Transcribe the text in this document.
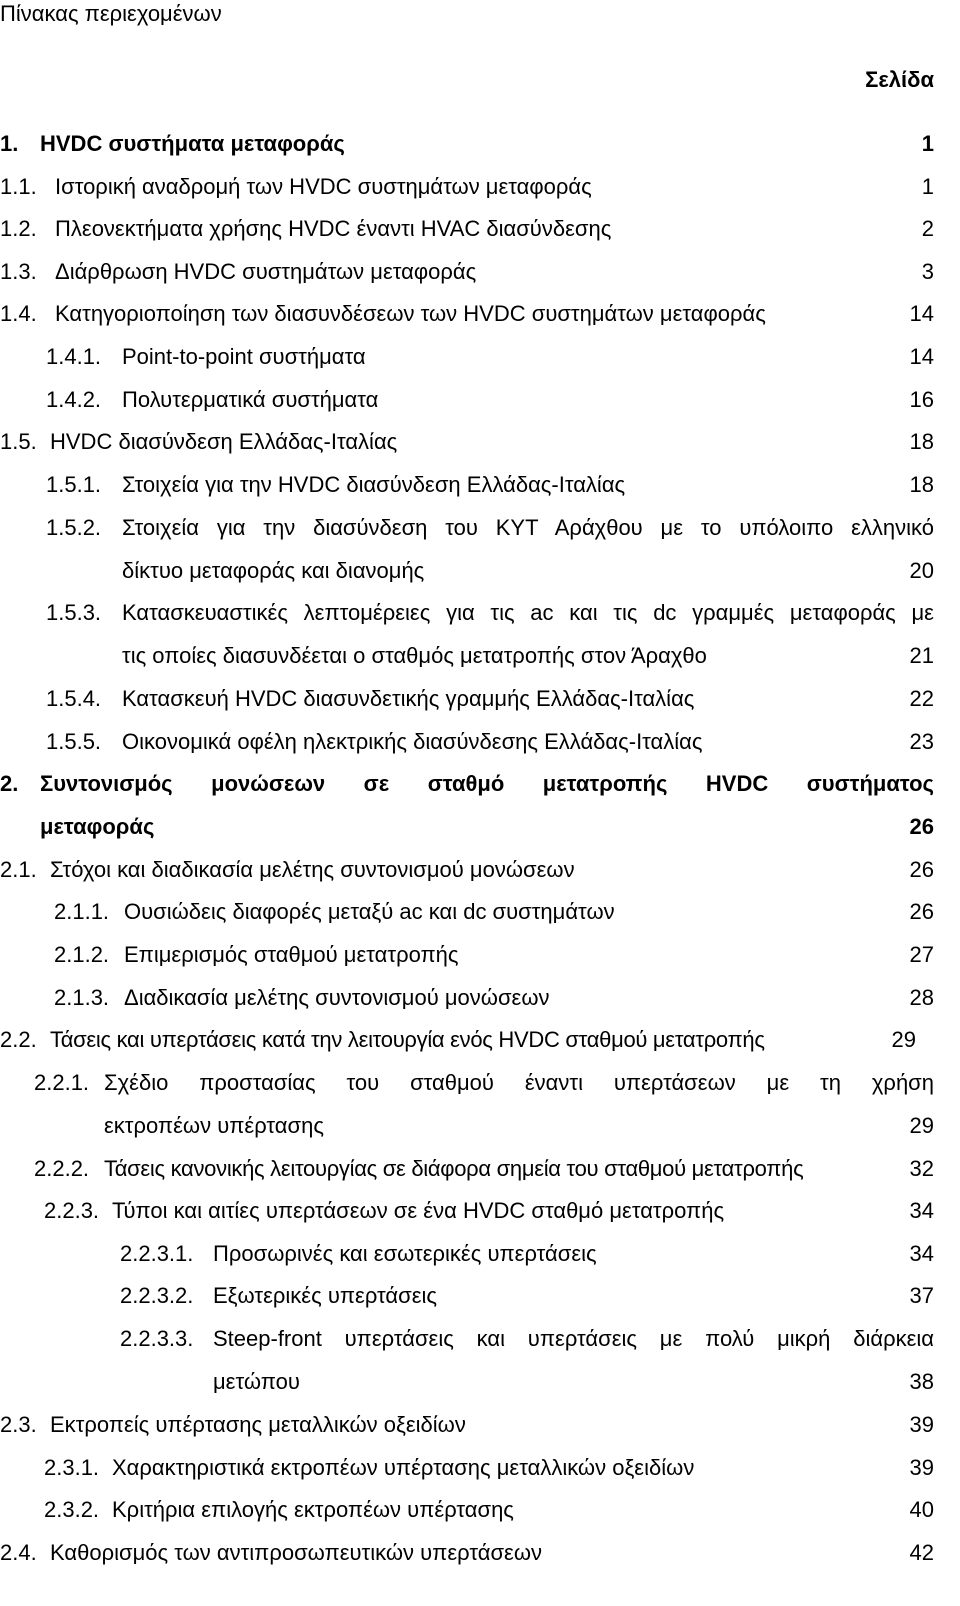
Πίνακας περιεχομένων
Σελίδα
1. HVDC συστήματα μεταφοράς	1
1.1. Ιστορική αναδρομή των HVDC συστημάτων μεταφοράς	1
1.2. Πλεονεκτήματα χρήσης HVDC έναντι HVAC διασύνδεσης	2
1.3. Διάρθρωση HVDC συστημάτων μεταφοράς	3
1.4. Κατηγοριοποίηση των διασυνδέσεων των HVDC συστημάτων μεταφοράς	14
1.4.1. Point-to-point συστήματα	14
1.4.2. Πολυτερματικά συστήματα	16
1.5. HVDC διασύνδεση Ελλάδας-Ιταλίας	18
1.5.1. Στοιχεία για την HVDC διασύνδεση Ελλάδας-Ιταλίας	18
1.5.2. Στοιχεία για την διασύνδεση του ΚΥΤ Αράχθου με το υπόλοιπο ελληνικό
δίκτυο μεταφοράς και διανομής	20
1.5.3. Κατασκευαστικές λεπτομέρειες για τις ac και τις dc γραμμές μεταφοράς με
τις οποίες διασυνδέεται ο σταθμός μετατροπής στον Άραχθο	21
1.5.4. Κατασκευή HVDC διασυνδετικής γραμμής Ελλάδας-Ιταλίας	22
1.5.5. Οικονομικά οφέλη ηλεκτρικής διασύνδεσης Ελλάδας-Ιταλίας	23
2. Συντονισμός μονώσεων σε σταθμό μετατροπής HVDC συστήματος
μεταφοράς	26
2.1. Στόχοι και διαδικασία μελέτης συντονισμού μονώσεων	26
2.1.1. Ουσιώδεις διαφορές μεταξύ ac και dc συστημάτων	26
2.1.2. Επιμερισμός σταθμού μετατροπής	27
2.1.3. Διαδικασία μελέτης συντονισμού μονώσεων	28
2.2. Τάσεις και υπερτάσεις κατά την λειτουργία ενός HVDC σταθμού μετατροπής	29
2.2.1. Σχέδιο προστασίας του σταθμού έναντι υπερτάσεων με τη χρήση
εκτροπέων υπέρτασης	29
2.2.2. Τάσεις κανονικής λειτουργίας σε διάφορα σημεία του σταθμού μετατροπής	32
2.2.3. Τύποι και αιτίες υπερτάσεων σε ένα HVDC σταθμό μετατροπής	34
2.2.3.1. Προσωρινές και εσωτερικές υπερτάσεις	34
2.2.3.2. Εξωτερικές υπερτάσεις	37
2.2.3.3. Steep-front υπερτάσεις και υπερτάσεις με πολύ μικρή διάρκεια
μετώπου	38
2.3. Εκτροπείς υπέρτασης μεταλλικών οξειδίων	39
2.3.1. Χαρακτηριστικά εκτροπέων υπέρτασης μεταλλικών οξειδίων	39
2.3.2. Κριτήρια επιλογής εκτροπέων υπέρτασης	40
2.4. Καθορισμός των αντιπροσωπευτικών υπερτάσεων	42
